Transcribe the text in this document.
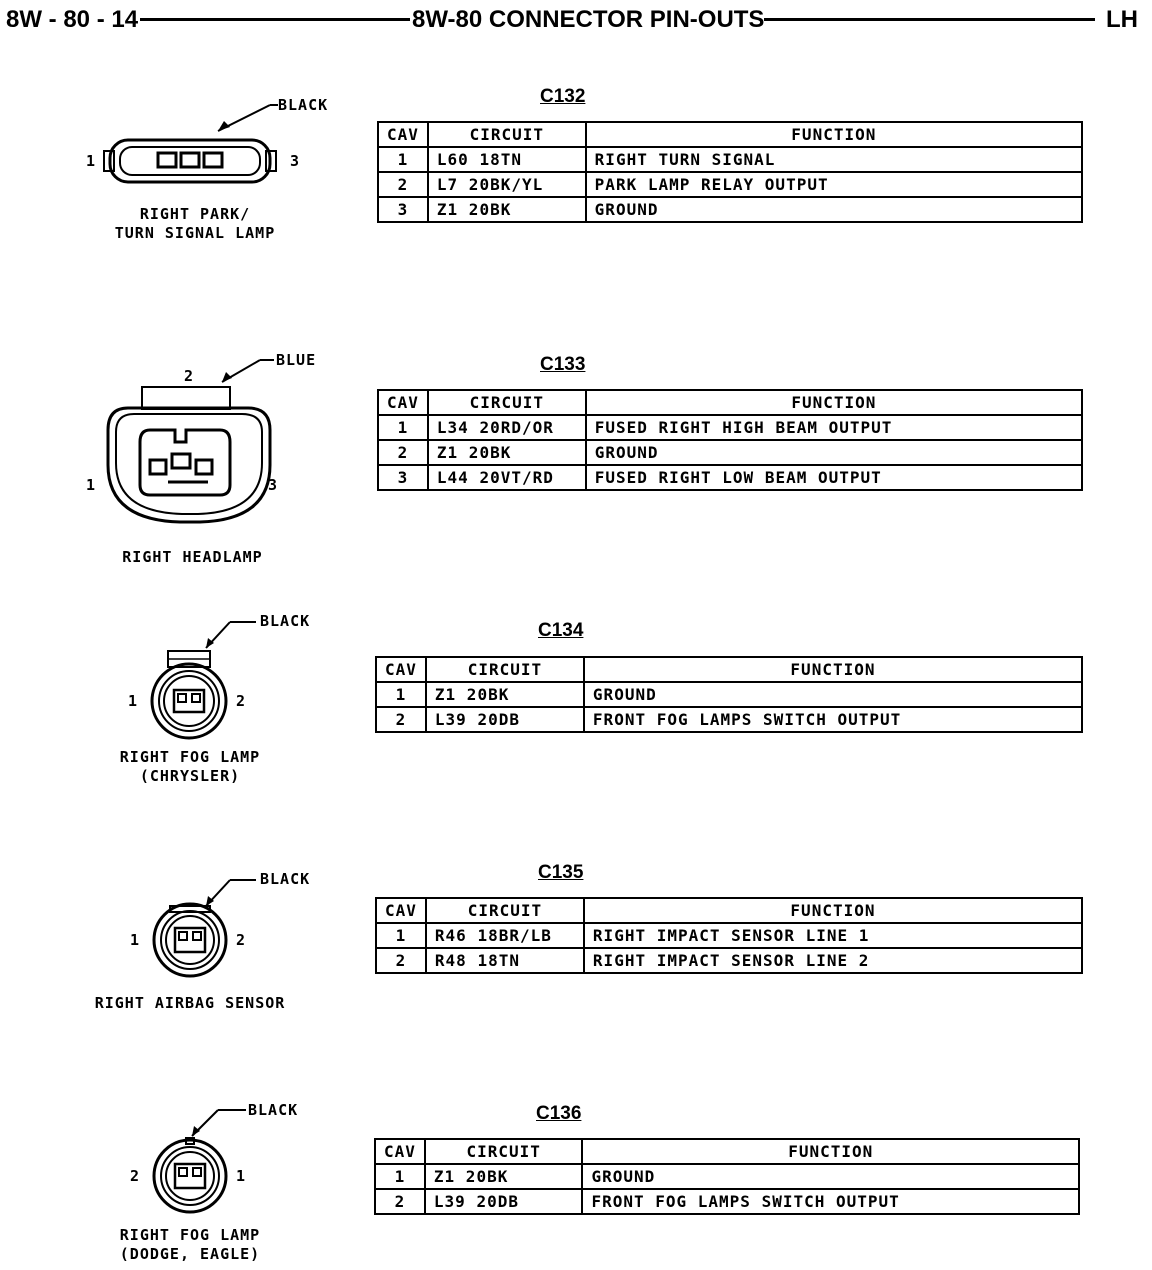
8W - 80 - 14	8W-80 CONNECTOR PIN-OUTS	LH
BLACK
1	3
RIGHT PARK/
TURN SIGNAL LAMP
C132
CAV	CIRCUIT	FUNCTION
1	L60 18TN	RIGHT TURN SIGNAL
2	L7 20BK/YL	PARK LAMP RELAY OUTPUT
3	Z1 20BK	GROUND
BLUE
2
1	3
RIGHT HEADLAMP
C133
CAV	CIRCUIT	FUNCTION
1	L34 20RD/OR	FUSED RIGHT HIGH BEAM OUTPUT
2	Z1 20BK	GROUND
3	L44 20VT/RD	FUSED RIGHT LOW BEAM OUTPUT
BLACK
1	2
RIGHT FOG LAMP
(CHRYSLER)
C134
CAV	CIRCUIT	FUNCTION
1	Z1 20BK	GROUND
2	L39 20DB	FRONT FOG LAMPS SWITCH OUTPUT
BLACK
1	2
RIGHT AIRBAG SENSOR
C135
CAV	CIRCUIT	FUNCTION
1	R46 18BR/LB	RIGHT IMPACT SENSOR LINE 1
2	R48 18TN	RIGHT IMPACT SENSOR LINE 2
BLACK
2	1
RIGHT FOG LAMP
(DODGE, EAGLE)
C136
CAV	CIRCUIT	FUNCTION
1	Z1 20BK	GROUND
2	L39 20DB	FRONT FOG LAMPS SWITCH OUTPUT
